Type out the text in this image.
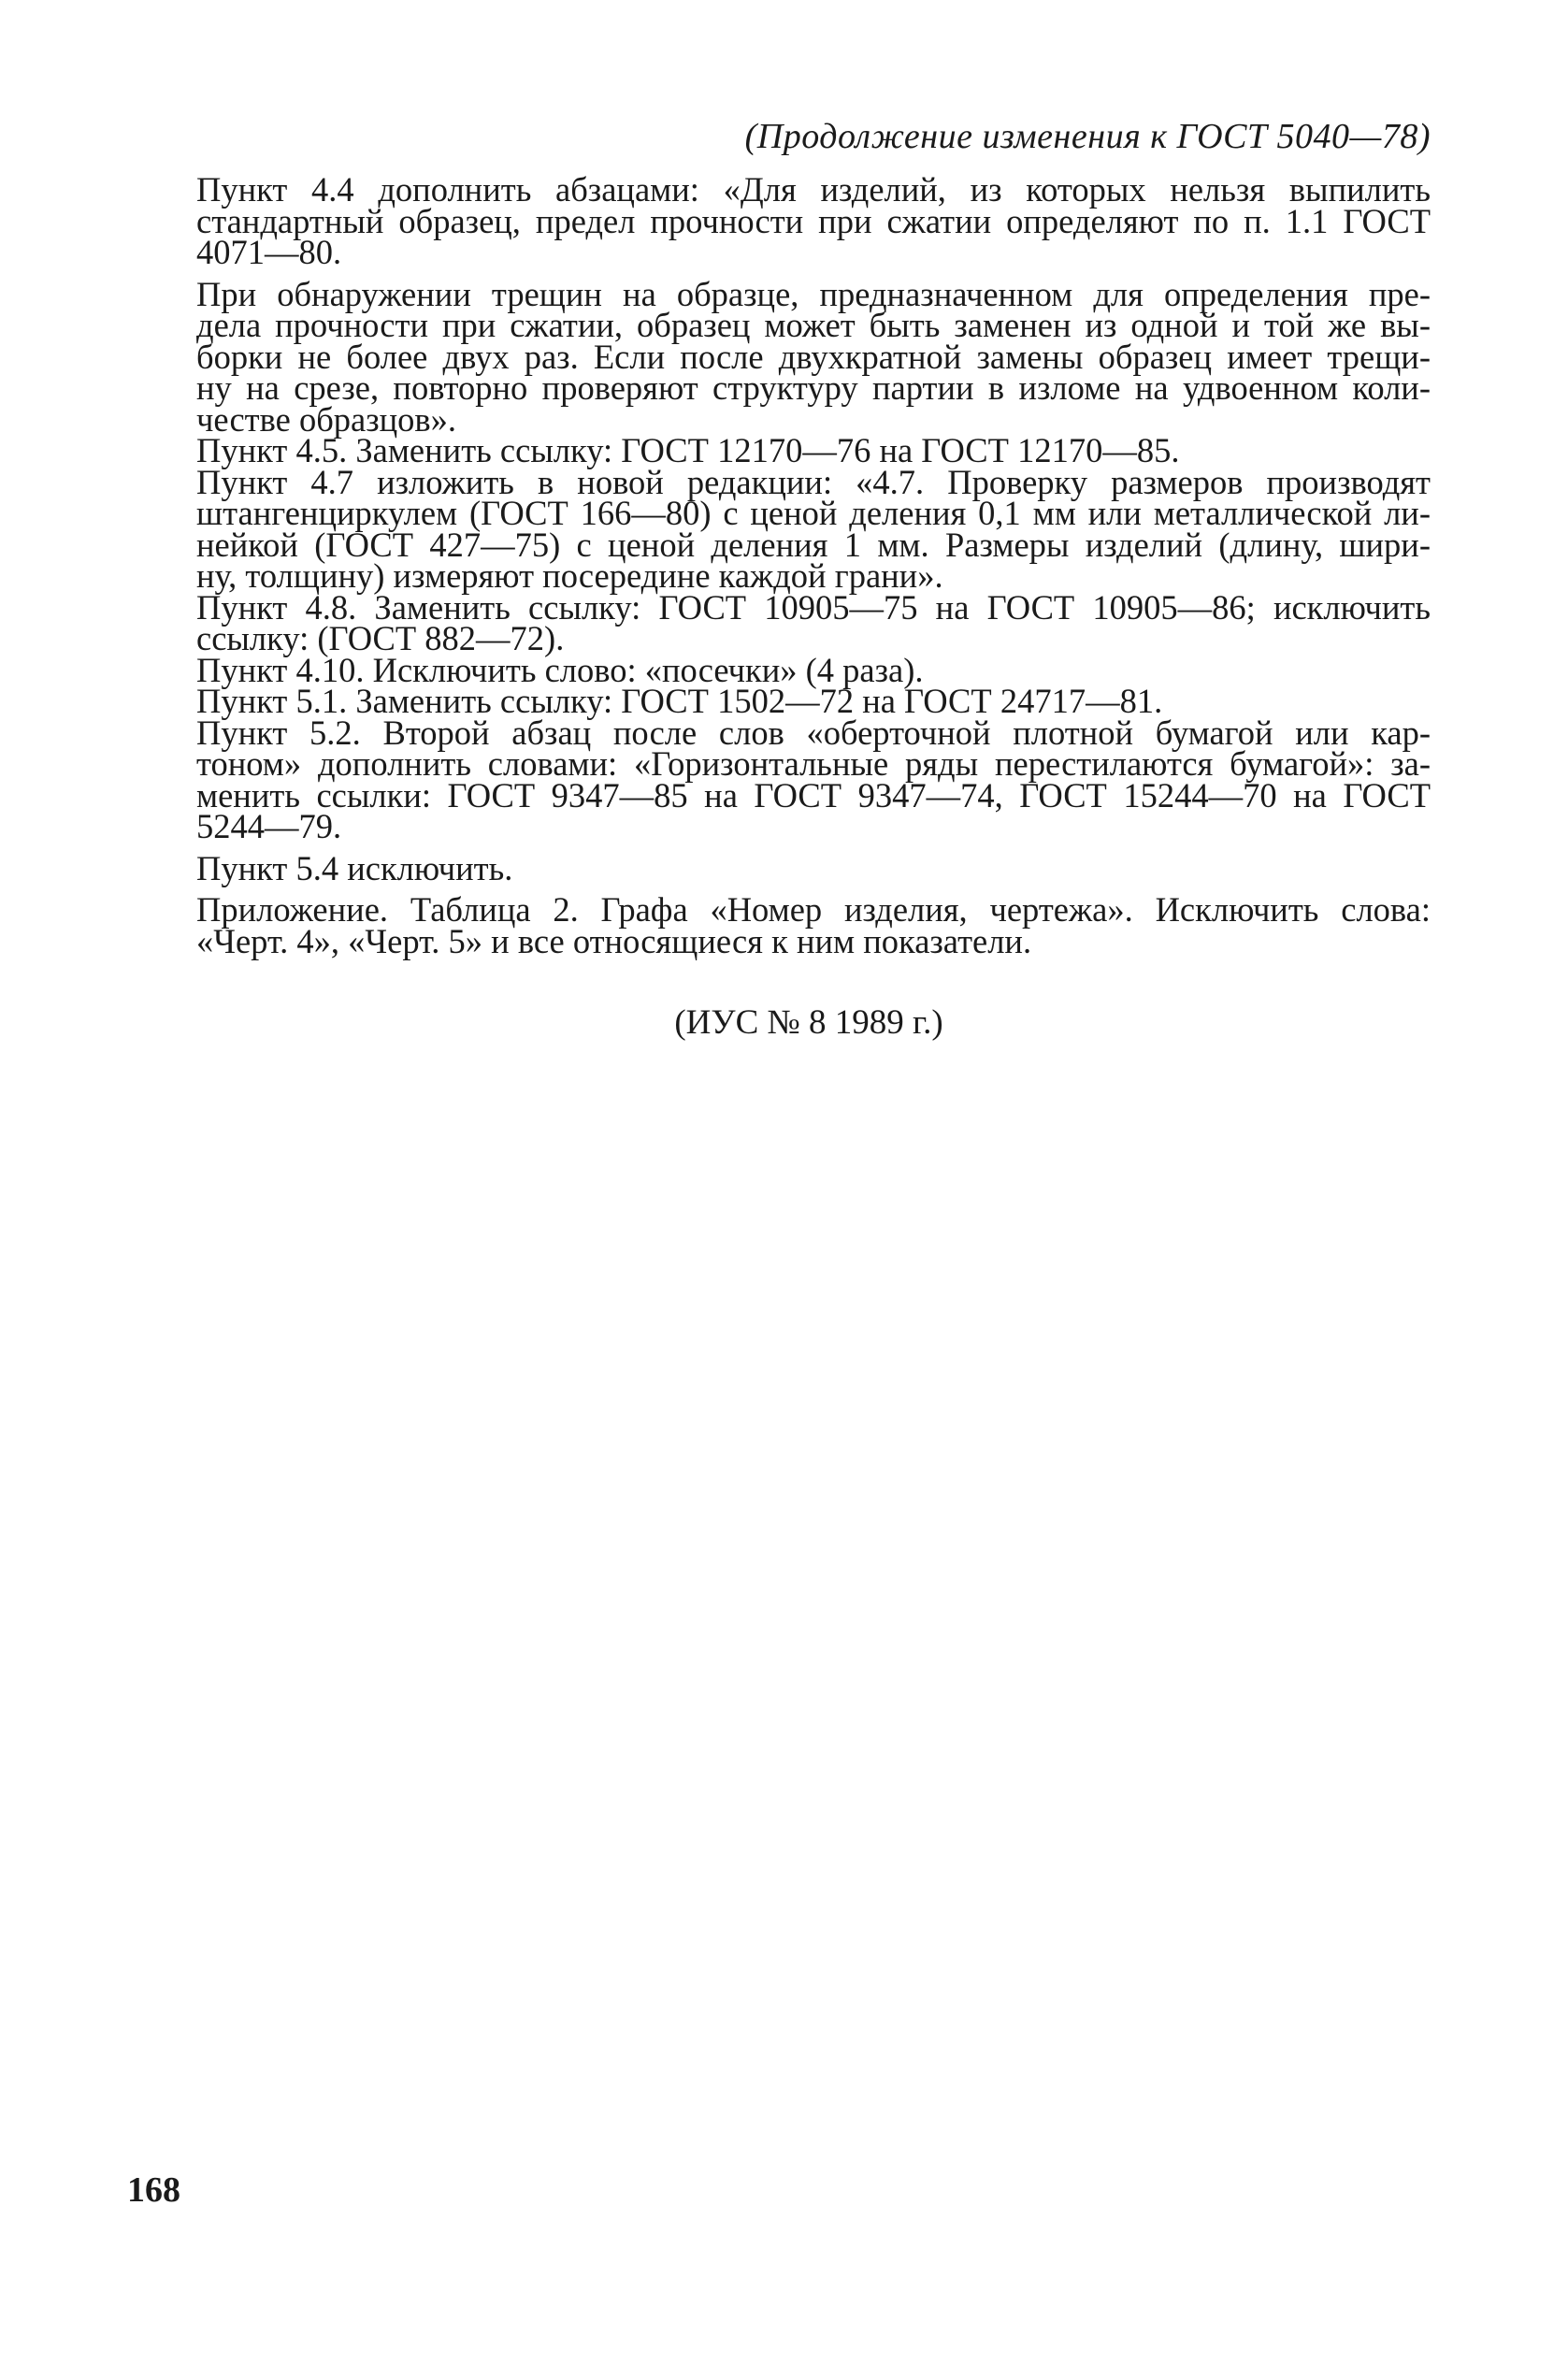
(Продолжение изменения к ГОСТ 5040—78)
Пункт 4.4 дополнить абзацами: «Для изделий, из которых нельзя выпилить
стандартный образец, предел прочности при сжатии определяют по п. 1.1 ГОСТ
4071—80.
При обнаружении трещин на образце, предназначенном для определения пре-
дела прочности при сжатии, образец может быть заменен из одной и той же вы-
борки не более двух раз. Если после двухкратной замены образец имеет трещи-
ну на срезе, повторно проверяют структуру партии в изломе на удвоенном коли-
честве образцов».
Пункт 4.5. Заменить ссылку: ГОСТ 12170—76 на ГОСТ 12170—85.
Пункт 4.7 изложить в новой редакции: «4.7. Проверку размеров производят
штангенциркулем (ГОСТ 166—80) с ценой деления 0,1 мм или металлической ли-
нейкой (ГОСТ 427—75) с ценой деления 1 мм. Размеры изделий (длину, шири-
ну, толщину) измеряют посередине каждой грани».
Пункт 4.8. Заменить ссылку: ГОСТ 10905—75 на ГОСТ 10905—86; исключить
ссылку: (ГОСТ 882—72).
Пункт 4.10. Исключить слово: «посечки» (4 раза).
Пункт 5.1. Заменить ссылку: ГОСТ 1502—72 на ГОСТ 24717—81.
Пункт 5.2. Второй абзац после слов «оберточной плотной бумагой или кар-
тоном» дополнить словами: «Горизонтальные ряды перестилаются бумагой»: за-
менить ссылки: ГОСТ 9347—85 на ГОСТ 9347—74, ГОСТ 15244—70 на ГОСТ
5244—79.
Пункт 5.4 исключить.
Приложение. Таблица 2. Графа «Номер изделия, чертежа». Исключить слова:
«Черт. 4», «Черт. 5» и все относящиеся к ним показатели.
(ИУС № 8 1989 г.)
168
